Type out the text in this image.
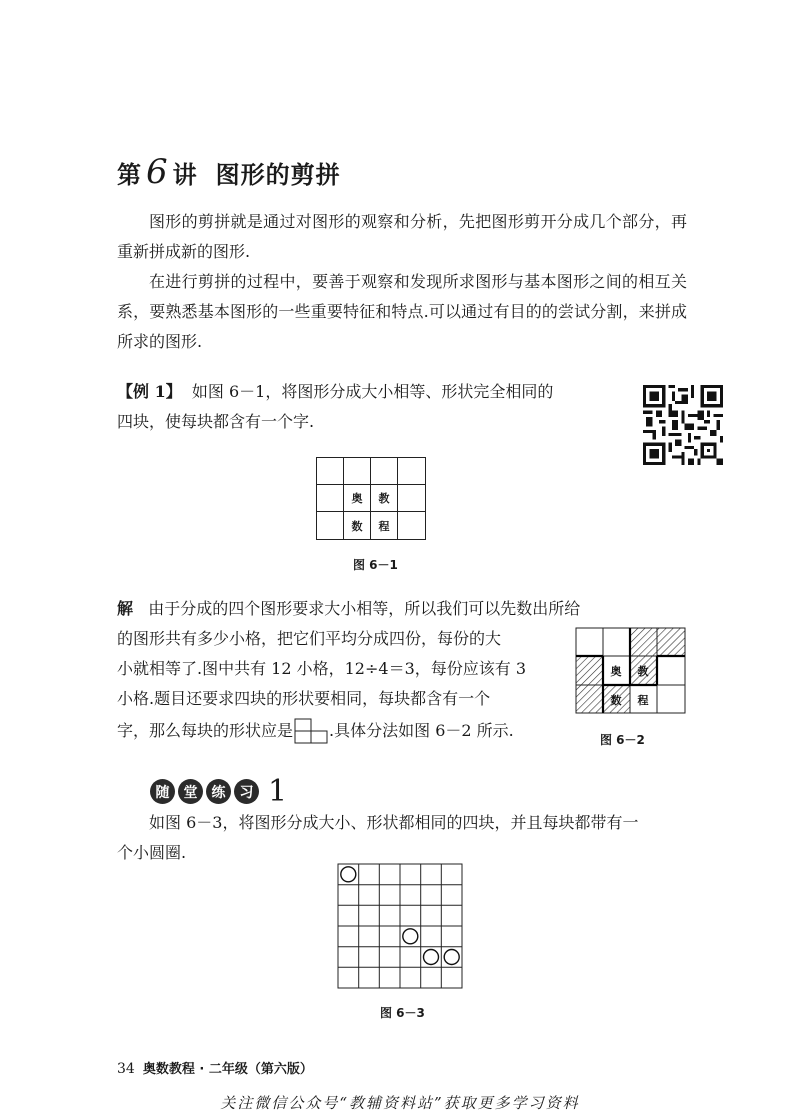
第 6 讲 图形的剪拼

图形的剪拼就是通过对图形的观察和分析，先把图形剪开分成几个部分，再重新拼成新的图形.

在进行剪拼的过程中，要善于观察和发现所求图形与基本图形之间的相互关系，要熟悉基本图形的一些重要特征和特点.可以通过有目的的尝试分割，来拼成所求的图形.

【例 1】 如图 6－1，将图形分成大小相等、形状完全相同的
四块，使每块都含有一个字.
奥	教
数	程
图 6－1
解 由于分成的四个图形要求大小相等，所以我们可以先数出所给
的图形共有多少小格，把它们平均分成四份，每份的大
小就相等了.图中共有 12 小格，12÷4＝3，每份应该有 3
小格.题目还要求四块的形状要相同，每块都含有一个
字，那么每块的形状应是 .具体分法如图 6－2 所示.
奥 教
数 程
图 6－2
随	堂	练	习 1
如图 6－3，将图形分成大小、形状都相同的四块，并且每块都带有一
个小圆圈.
图 6－3
34 奥数教程 · 二年级（第六版）
关注微信公众号“教辅资料站”获取更多学习资料
